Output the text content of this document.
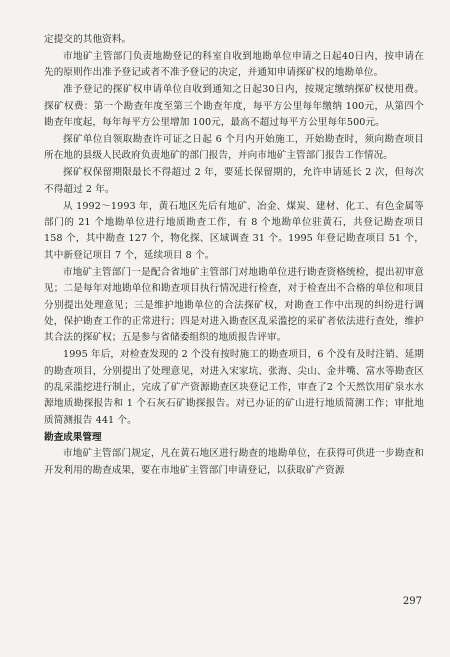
定提交的其他资料。

市地矿主管部门负责地勘登记的科室自收到地勘单位申请之日起40日内，按申请在先的原则作出准予登记或者不准予登记的决定，并通知申请探矿权的地勘单位。

准予登记的探矿权申请单位自收到通知之日起30日内，按规定缴纳探矿权使用费。探矿权费：第一个勘查年度至第三个勘查年度，每平方公里每年缴纳 100元，从第四个勘查年度起，每年每平方公里增加 100元，最高不超过每平方公里每年500元。

探矿单位自领取勘查许可证之日起 6 个月内开始施工，开始勘查时，须向勘查项目所在地的县级人民政府负责地矿的部门报告，并向市地矿主管部门报告工作情况。

探矿权保留期限最长不得超过 2 年，要延长保留期的，允许申请延长 2 次，但每次不得超过 2 年。

从 1992～1993 年，黄石地区先后有地矿、冶金、煤炭、建材、化工、有色金属等部门的 21 个地勘单位进行地质勘查工作，有 8 个地勘单位驻黄石，共登记勘查项目 158 个，其中勘查 127 个，物化探、区域调查 31 个。1995 年登记勘查项目 51 个，其中新登记项目 7 个，延续项目 8 个。

市地矿主管部门一是配合省地矿主管部门对地勘单位进行勘查资格统检，提出初审意见；二是每年对地勘单位和勘查项目执行情况进行检查，对于检查出不合格的单位和项目分别提出处理意见；三是维护地勘单位的合法探矿权，对勘查工作中出现的纠纷进行调处，保护勘查工作的正常进行；四是对进入勘查区乱采滥挖的采矿者依法进行查处，维护其合法的探矿权；五是参与省储委组织的地质报告评审。

1995 年后，对检查发现的 2 个没有按时施工的勘查项目，6 个没有及时注销、延期的勘查项目，分别提出了处理意见，对进入宋家坑、张海、尖山、金井嘴、富水等勘查区的乱采滥挖进行制止，完成了矿产资源勘查区块登记工作，审查了2 个天然饮用矿泉水水源地质勘探报告和 1 个石灰石矿勘探报告。对已办证的矿山进行地质简测工作；审批地质简测报告 441 个。

勘查成果管理

市地矿主管部门规定，凡在黄石地区进行勘查的地勘单位，在获得可供进一步勘查和开发利用的勘查成果，要在市地矿主管部门申请登记，以获取矿产资源

297
